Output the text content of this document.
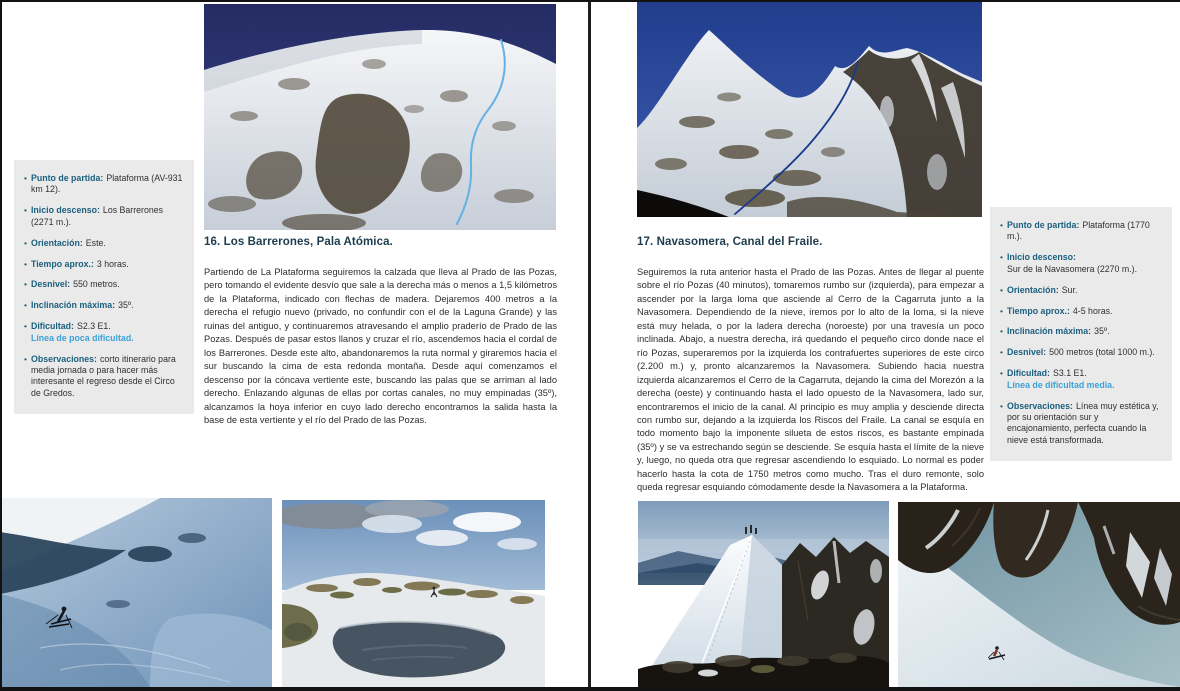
16. Los Barrerones, Pala Atómica.
Partiendo de La Plataforma seguiremos la calzada que lleva al Prado de las Pozas, pero tomando el evidente desvío que sale a la derecha más o menos a 1,5 kilómetros de la Plataforma, indicado con flechas de madera. Dejaremos 400 metros a la derecha el refugio nuevo (privado, no confundir con el de la Laguna Grande) y las ruinas del antiguo, y continuaremos atravesando el amplio praderío de Prado de las Pozas. Después de pasar estos llanos y cruzar el río, ascendemos hacia el cordal de los Barrerones. Desde este alto, abandonaremos la ruta normal y giraremos hacia el sur buscando la cima de esta redonda montaña. Desde aquí comenzamos el descenso por la cóncava vertiente este, buscando las palas que se arriman al lado derecho. Enlazando algunas de ellas por cortas canales, no muy empinadas (35º), alcanzamos la hoya inferior en cuyo lado derecho encontramos la salida hasta la base de esta vertiente y el río del Prado de las Pozas.
• Punto de partida: Plataforma (AV-931 km 12).
• Inicio descenso: Los Barrerones (2271 m.).
• Orientación: Este.
• Tiempo aprox.: 3 horas.
• Desnivel: 550 metros.
• Inclinación máxima: 35º.
• Dificultad: S2.3 E1.
Línea de poca dificultad.
• Observaciones: corto itinerario para media jornada o para hacer más interesante el regreso desde el Circo de Gredos.
17. Navasomera, Canal del Fraile.
Seguiremos la ruta anterior hasta el Prado de las Pozas. Antes de llegar al puente sobre el río Pozas (40 minutos), tomaremos rumbo sur (izquierda), para empezar a ascender por la larga loma que asciende al Cerro de la Cagarruta junto a la Navasomera. Dependiendo de la nieve, iremos por lo alto de la loma, si la nieve está muy helada, o por la ladera derecha (noroeste) por una travesía un poco inclinada. Abajo, a nuestra derecha, irá quedando el pequeño circo donde nace el río Pozas, superaremos por la izquierda los contrafuertes superiores de este circo (2.200 m.) y, pronto alcanzaremos la Navasomera. Subiendo hacia nuestra izquierda alcanzaremos el Cerro de la Cagarruta, dejando la cima del Morezón a la derecha (oeste) y continuando hasta el lado opuesto de la Navasomera, lado sur, encontraremos el inicio de la canal. Al principio es muy amplia y desciende directa con rumbo sur, dejando a la izquierda los Riscos del Fraile. La canal se esquía en todo momento bajo la imponente silueta de estos riscos, es bastante empinada (35º) y se va estrechando según se desciende. Se esquía hasta el límite de la nieve y, luego, no queda otra que regresar ascendiendo lo esquiado. Lo normal es poder hacerlo hasta la cota de 1750 metros como mucho. Tras el duro remonte, solo queda regresar esquiando cómodamente desde la Navasomera a la Plataforma.
• Punto de partida: Plataforma (1770 m.).
• Inicio descenso:
Sur de la Navasomera (2270 m.).
• Orientación: Sur.
• Tiempo aprox.: 4-5 horas.
• Inclinación máxima: 35º.
• Desnivel: 500 metros (total 1000 m.).
• Dificultad: S3.1 E1.
Línea de dificultad media.
• Observaciones: Línea muy estética y, por su orientación sur y encajonamiento, perfecta cuando la nieve está transformada.
